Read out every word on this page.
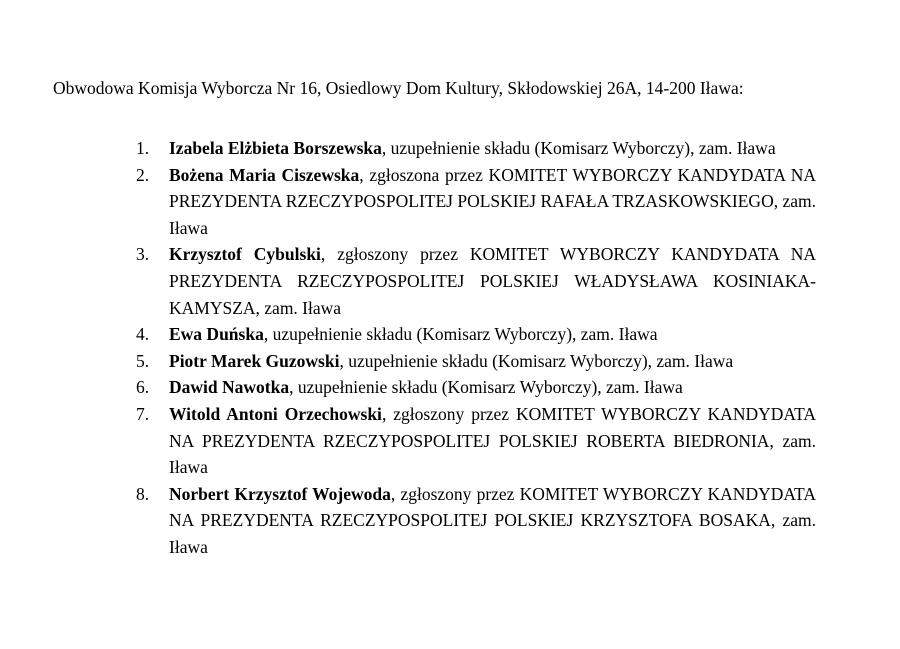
Obwodowa Komisja Wyborcza Nr 16, Osiedlowy Dom Kultury, Skłodowskiej 26A, 14-200 Iława:
1. Izabela Elżbieta Borszewska, uzupełnienie składu (Komisarz Wyborczy), zam. Iława
2. Bożena Maria Ciszewska, zgłoszona przez KOMITET WYBORCZY KANDYDATA NA PREZYDENTA RZECZYPOSPOLITEJ POLSKIEJ RAFAŁA TRZASKOWSKIEGO, zam. Iława
3. Krzysztof Cybulski, zgłoszony przez KOMITET WYBORCZY KANDYDATA NA PREZYDENTA RZECZYPOSPOLITEJ POLSKIEJ WŁADYSŁAWA KOSINIAKA-KAMYSZA, zam. Iława
4. Ewa Duńska, uzupełnienie składu (Komisarz Wyborczy), zam. Iława
5. Piotr Marek Guzowski, uzupełnienie składu (Komisarz Wyborczy), zam. Iława
6. Dawid Nawotka, uzupełnienie składu (Komisarz Wyborczy), zam. Iława
7. Witold Antoni Orzechowski, zgłoszony przez KOMITET WYBORCZY KANDYDATA NA PREZYDENTA RZECZYPOSPOLITEJ POLSKIEJ ROBERTA BIEDRONIA, zam. Iława
8. Norbert Krzysztof Wojewoda, zgłoszony przez KOMITET WYBORCZY KANDYDATA NA PREZYDENTA RZECZYPOSPOLITEJ POLSKIEJ KRZYSZTOFA BOSAKA, zam. Iława
